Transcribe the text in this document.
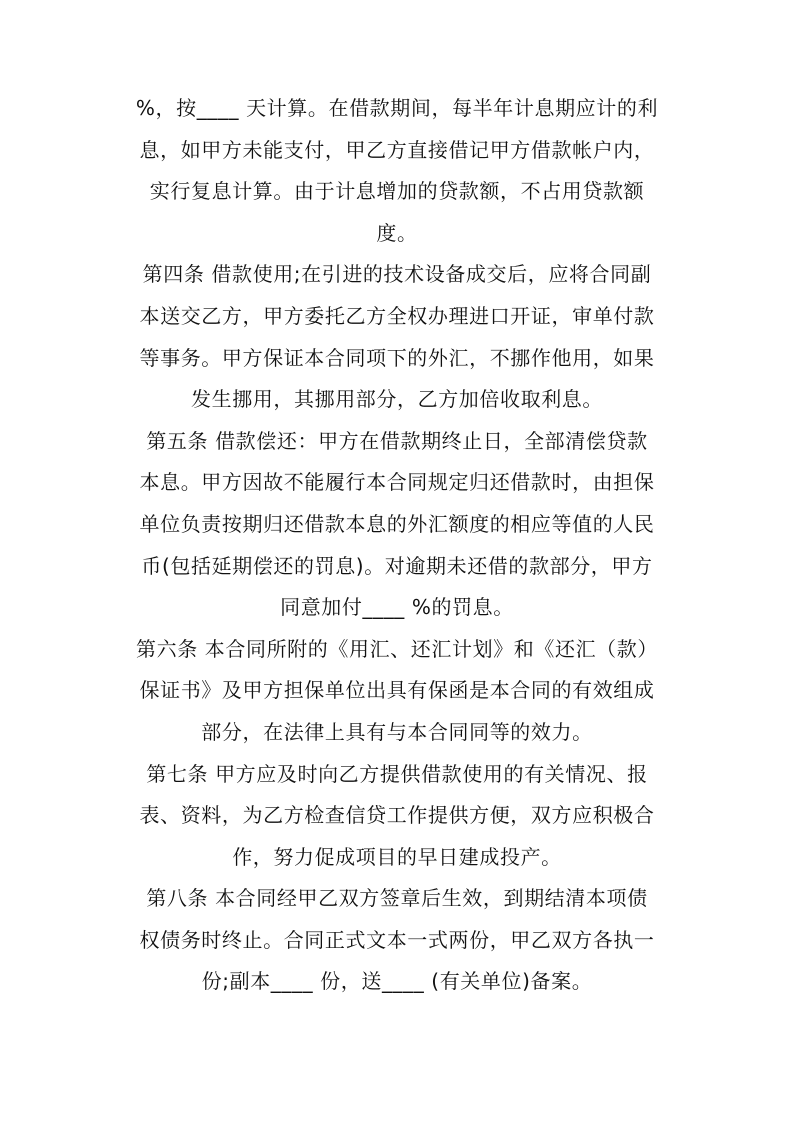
%，按____ 天计算。在借款期间，每半年计息期应计的利
息，如甲方未能支付，甲乙方直接借记甲方借款帐户内，
实行复息计算。由于计息增加的贷款额，不占用贷款额
度。
第四条 借款使用;在引进的技术设备成交后，应将合同副
本送交乙方，甲方委托乙方全权办理进口开证，审单付款
等事务。甲方保证本合同项下的外汇，不挪作他用，如果
发生挪用，其挪用部分，乙方加倍收取利息。
第五条 借款偿还：甲方在借款期终止日，全部清偿贷款
本息。甲方因故不能履行本合同规定归还借款时，由担保
单位负责按期归还借款本息的外汇额度的相应等值的人民
币(包括延期偿还的罚息)。对逾期未还借的款部分，甲方
同意加付____ %的罚息。
第六条 本合同所附的《用汇、还汇计划》和《还汇（款）
保证书》及甲方担保单位出具有保函是本合同的有效组成
部分，在法律上具有与本合同同等的效力。
第七条 甲方应及时向乙方提供借款使用的有关情况、报
表、资料，为乙方检查信贷工作提供方便，双方应积极合
作，努力促成项目的早日建成投产。
第八条 本合同经甲乙双方签章后生效，到期结清本项债
权债务时终止。合同正式文本一式两份，甲乙双方各执一
份;副本____ 份，送____ (有关单位)备案。
